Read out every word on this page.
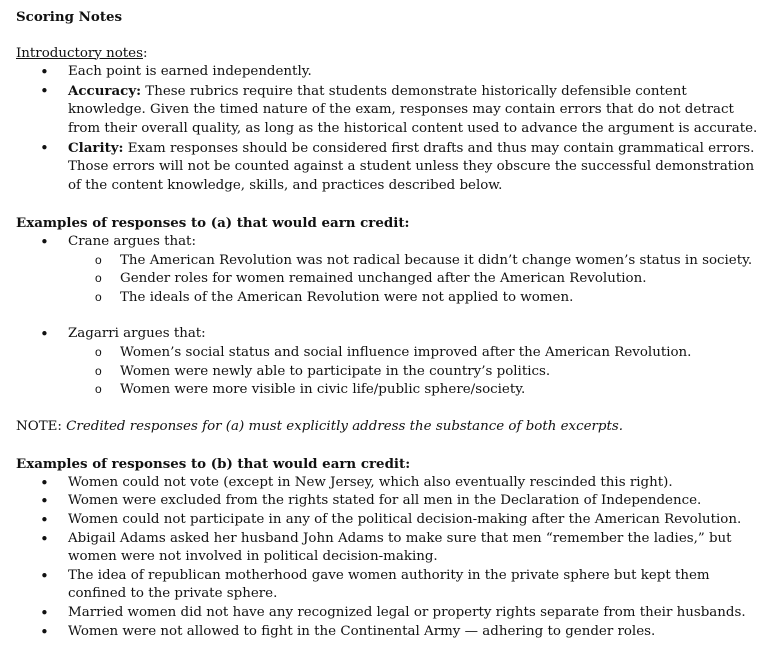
Scoring Notes
Introductory notes:
• Each point is earned independently.
• Accuracy: These rubrics require that students demonstrate historically defensible content knowledge. Given the timed nature of the exam, responses may contain errors that do not detract from their overall quality, as long as the historical content used to advance the argument is accurate.
• Clarity: Exam responses should be considered first drafts and thus may contain grammatical errors. Those errors will not be counted against a student unless they obscure the successful demonstration of the content knowledge, skills, and practices described below.
Examples of responses to (a) that would earn credit:
• Crane argues that:
o The American Revolution was not radical because it didn’t change women’s status in society.
o Gender roles for women remained unchanged after the American Revolution.
o The ideals of the American Revolution were not applied to women.
• Zagarri argues that:
o Women’s social status and social influence improved after the American Revolution.
o Women were newly able to participate in the country’s politics.
o Women were more visible in civic life/public sphere/society.
NOTE: Credited responses for (a) must explicitly address the substance of both excerpts.
Examples of responses to (b) that would earn credit:
• Women could not vote (except in New Jersey, which also eventually rescinded this right).
• Women were excluded from the rights stated for all men in the Declaration of Independence.
• Women could not participate in any of the political decision-making after the American Revolution.
• Abigail Adams asked her husband John Adams to make sure that men “remember the ladies,” but women were not involved in political decision-making.
• The idea of republican motherhood gave women authority in the private sphere but kept them confined to the private sphere.
• Married women did not have any recognized legal or property rights separate from their husbands.
• Women were not allowed to fight in the Continental Army — adhering to gender roles.
